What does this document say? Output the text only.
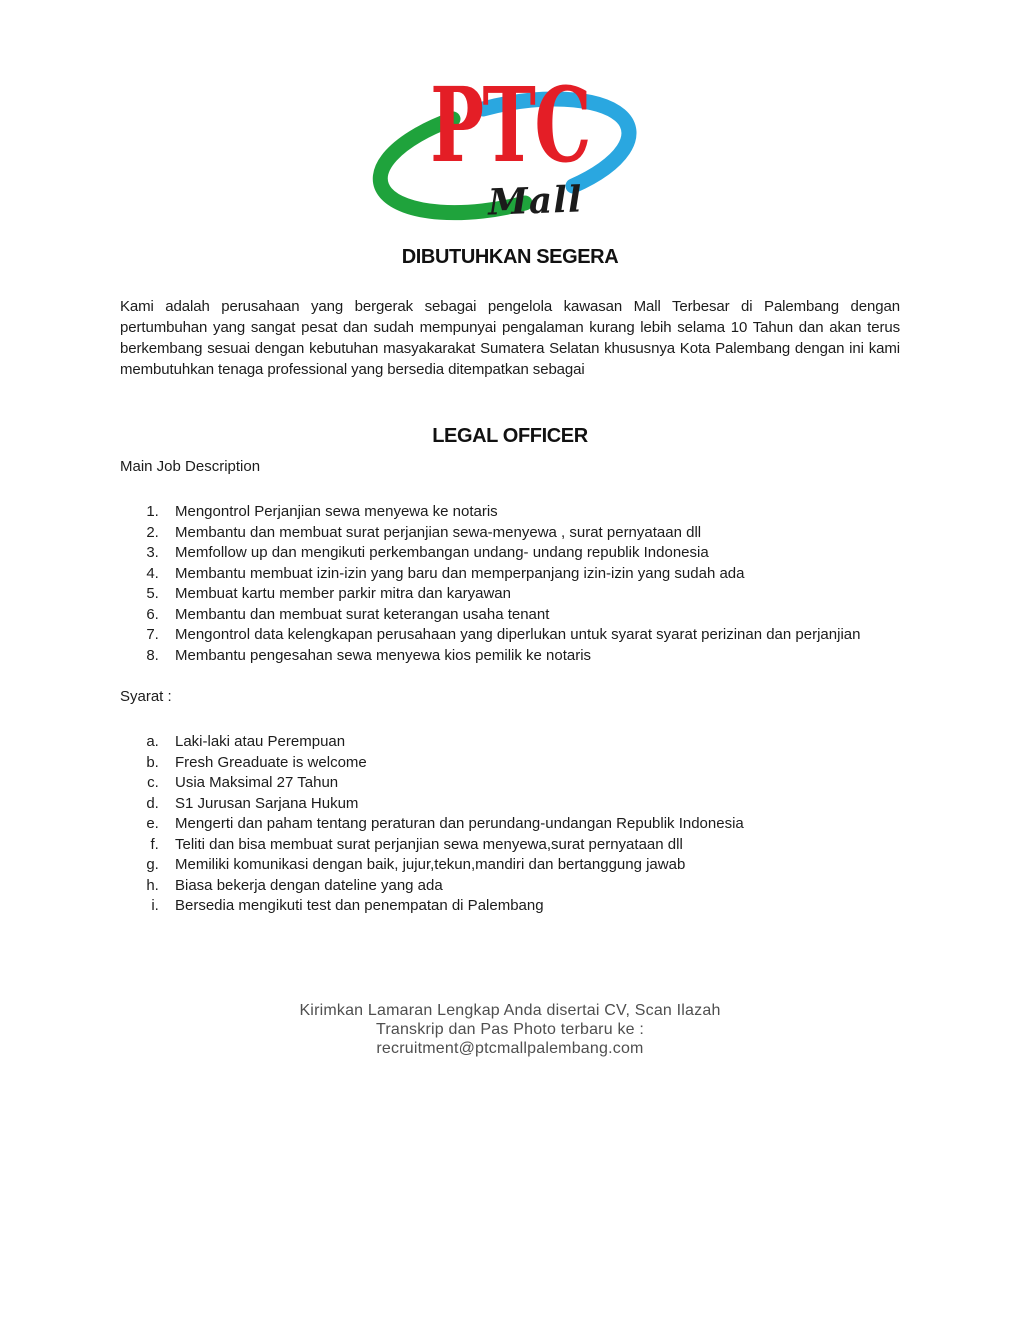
PTC
Mall
DIBUTUHKAN SEGERA

Kami adalah perusahaan yang bergerak sebagai pengelola kawasan Mall Terbesar di Palembang dengan pertumbuhan yang sangat pesat dan sudah mempunyai pengalaman kurang lebih selama 10 Tahun dan akan terus berkembang sesuai dengan kebutuhan masyakarakat Sumatera Selatan khususnya Kota Palembang dengan ini kami membutuhkan tenaga professional yang bersedia ditempatkan sebagai

LEGAL OFFICER
Main Job Description
1. Mengontrol Perjanjian sewa menyewa ke notaris
2. Membantu dan membuat surat perjanjian sewa-menyewa , surat pernyataan dll
3. Memfollow up dan mengikuti perkembangan undang- undang republik Indonesia
4. Membantu membuat izin-izin yang baru dan memperpanjang izin-izin yang sudah ada
5. Membuat kartu member parkir mitra dan karyawan
6. Membantu dan membuat surat keterangan usaha tenant
7. Mengontrol data kelengkapan perusahaan yang diperlukan untuk syarat syarat perizinan dan perjanjian
8. Membantu pengesahan sewa menyewa kios pemilik ke notaris
Syarat :
a. Laki-laki atau Perempuan
b. Fresh Greaduate is welcome
c. Usia Maksimal 27 Tahun
d. S1 Jurusan Sarjana Hukum
e. Mengerti dan paham tentang peraturan dan perundang-undangan Republik Indonesia
f. Teliti dan bisa membuat surat perjanjian sewa menyewa,surat pernyataan dll
g. Memiliki komunikasi dengan baik, jujur,tekun,mandiri dan bertanggung jawab
h. Biasa bekerja dengan dateline yang ada
i. Bersedia mengikuti test dan penempatan di Palembang
Kirimkan Lamaran Lengkap Anda disertai CV, Scan Ilazah
Transkrip dan Pas Photo terbaru ke :
recruitment@ptcmallpalembang.com
